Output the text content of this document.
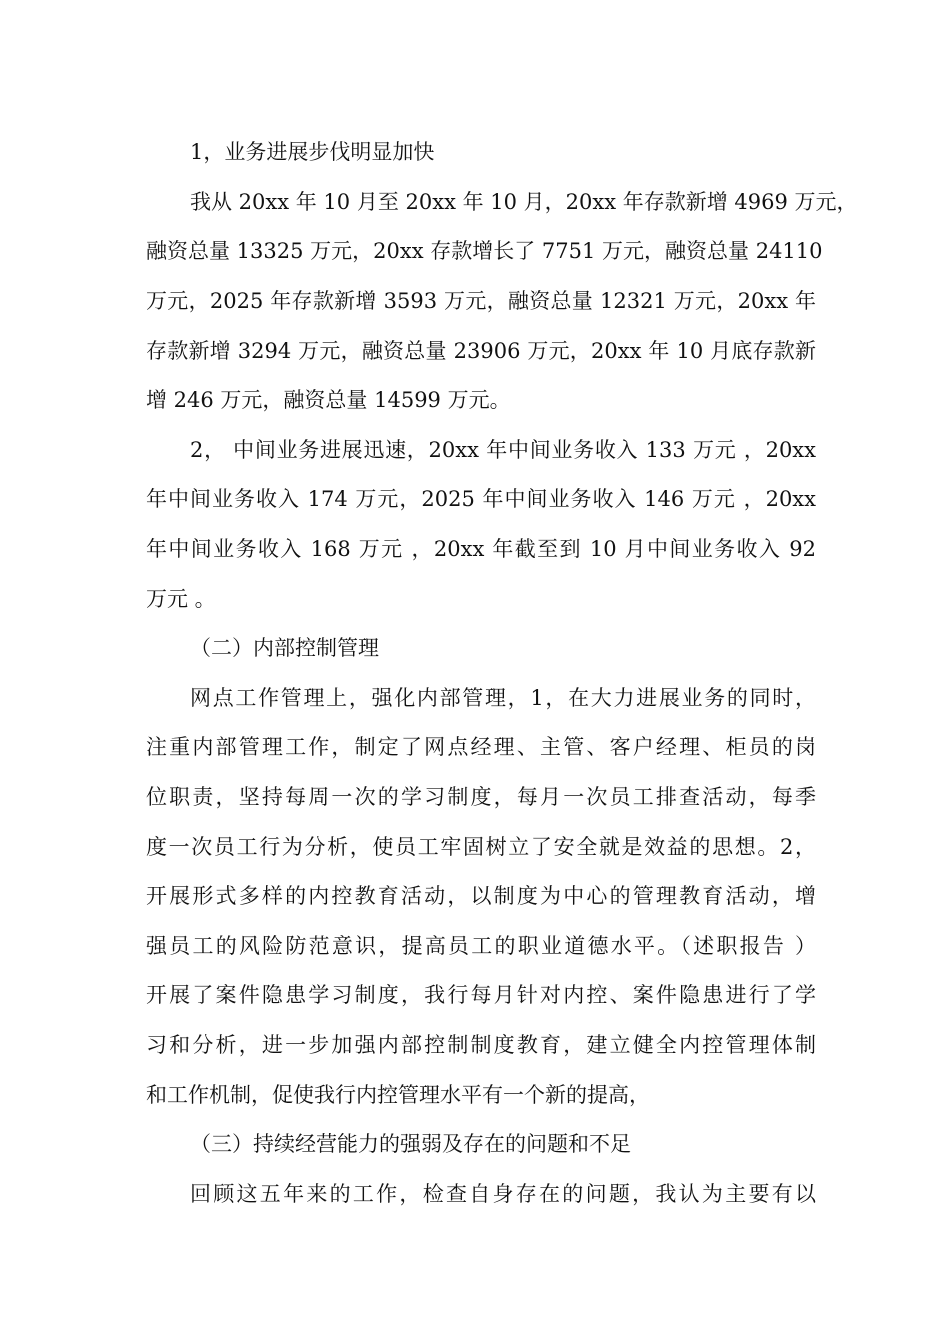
1，业务进展步伐明显加快
我从 20xx 年 10 月至 20xx 年 10 月，20xx 年存款新增 4969 万元，
融资总量 13325 万元，20xx 存款增长了 7751 万元，融资总量 24110
万元，2025 年存款新增 3593 万元，融资总量 12321 万元，20xx 年
存款新增 3294 万元，融资总量 23906 万元，20xx 年 10 月底存款新
增 246 万元，融资总量 14599 万元。
2， 中间业务进展迅速，20xx 年中间业务收入 133 万元 ，20xx
年中间业务收入 174 万元，2025 年中间业务收入 146 万元 ，20xx
年中间业务收入 168 万元 ，20xx 年截至到 10 月中间业务收入 92
万元 。
（二）内部控制管理
网点工作管理上，强化内部管理，1，在大力进展业务的同时，
注重内部管理工作，制定了网点经理、主管、客户经理、柜员的岗
位职责，坚持每周一次的学习制度，每月一次员工排查活动，每季
度一次员工行为分析，使员工牢固树立了安全就是效益的思想。2，
开展形式多样的内控教育活动，以制度为中心的管理教育活动，增
强员工的风险防范意识，提高员工的职业道德水平。（述职报告 ）
开展了案件隐患学习制度，我行每月针对内控、案件隐患进行了学
习和分析，进一步加强内部控制制度教育，建立健全内控管理体制
和工作机制，促使我行内控管理水平有一个新的提高，
（三）持续经营能力的强弱及存在的问题和不足
回顾这五年来的工作，检查自身存在的问题，我认为主要有以
